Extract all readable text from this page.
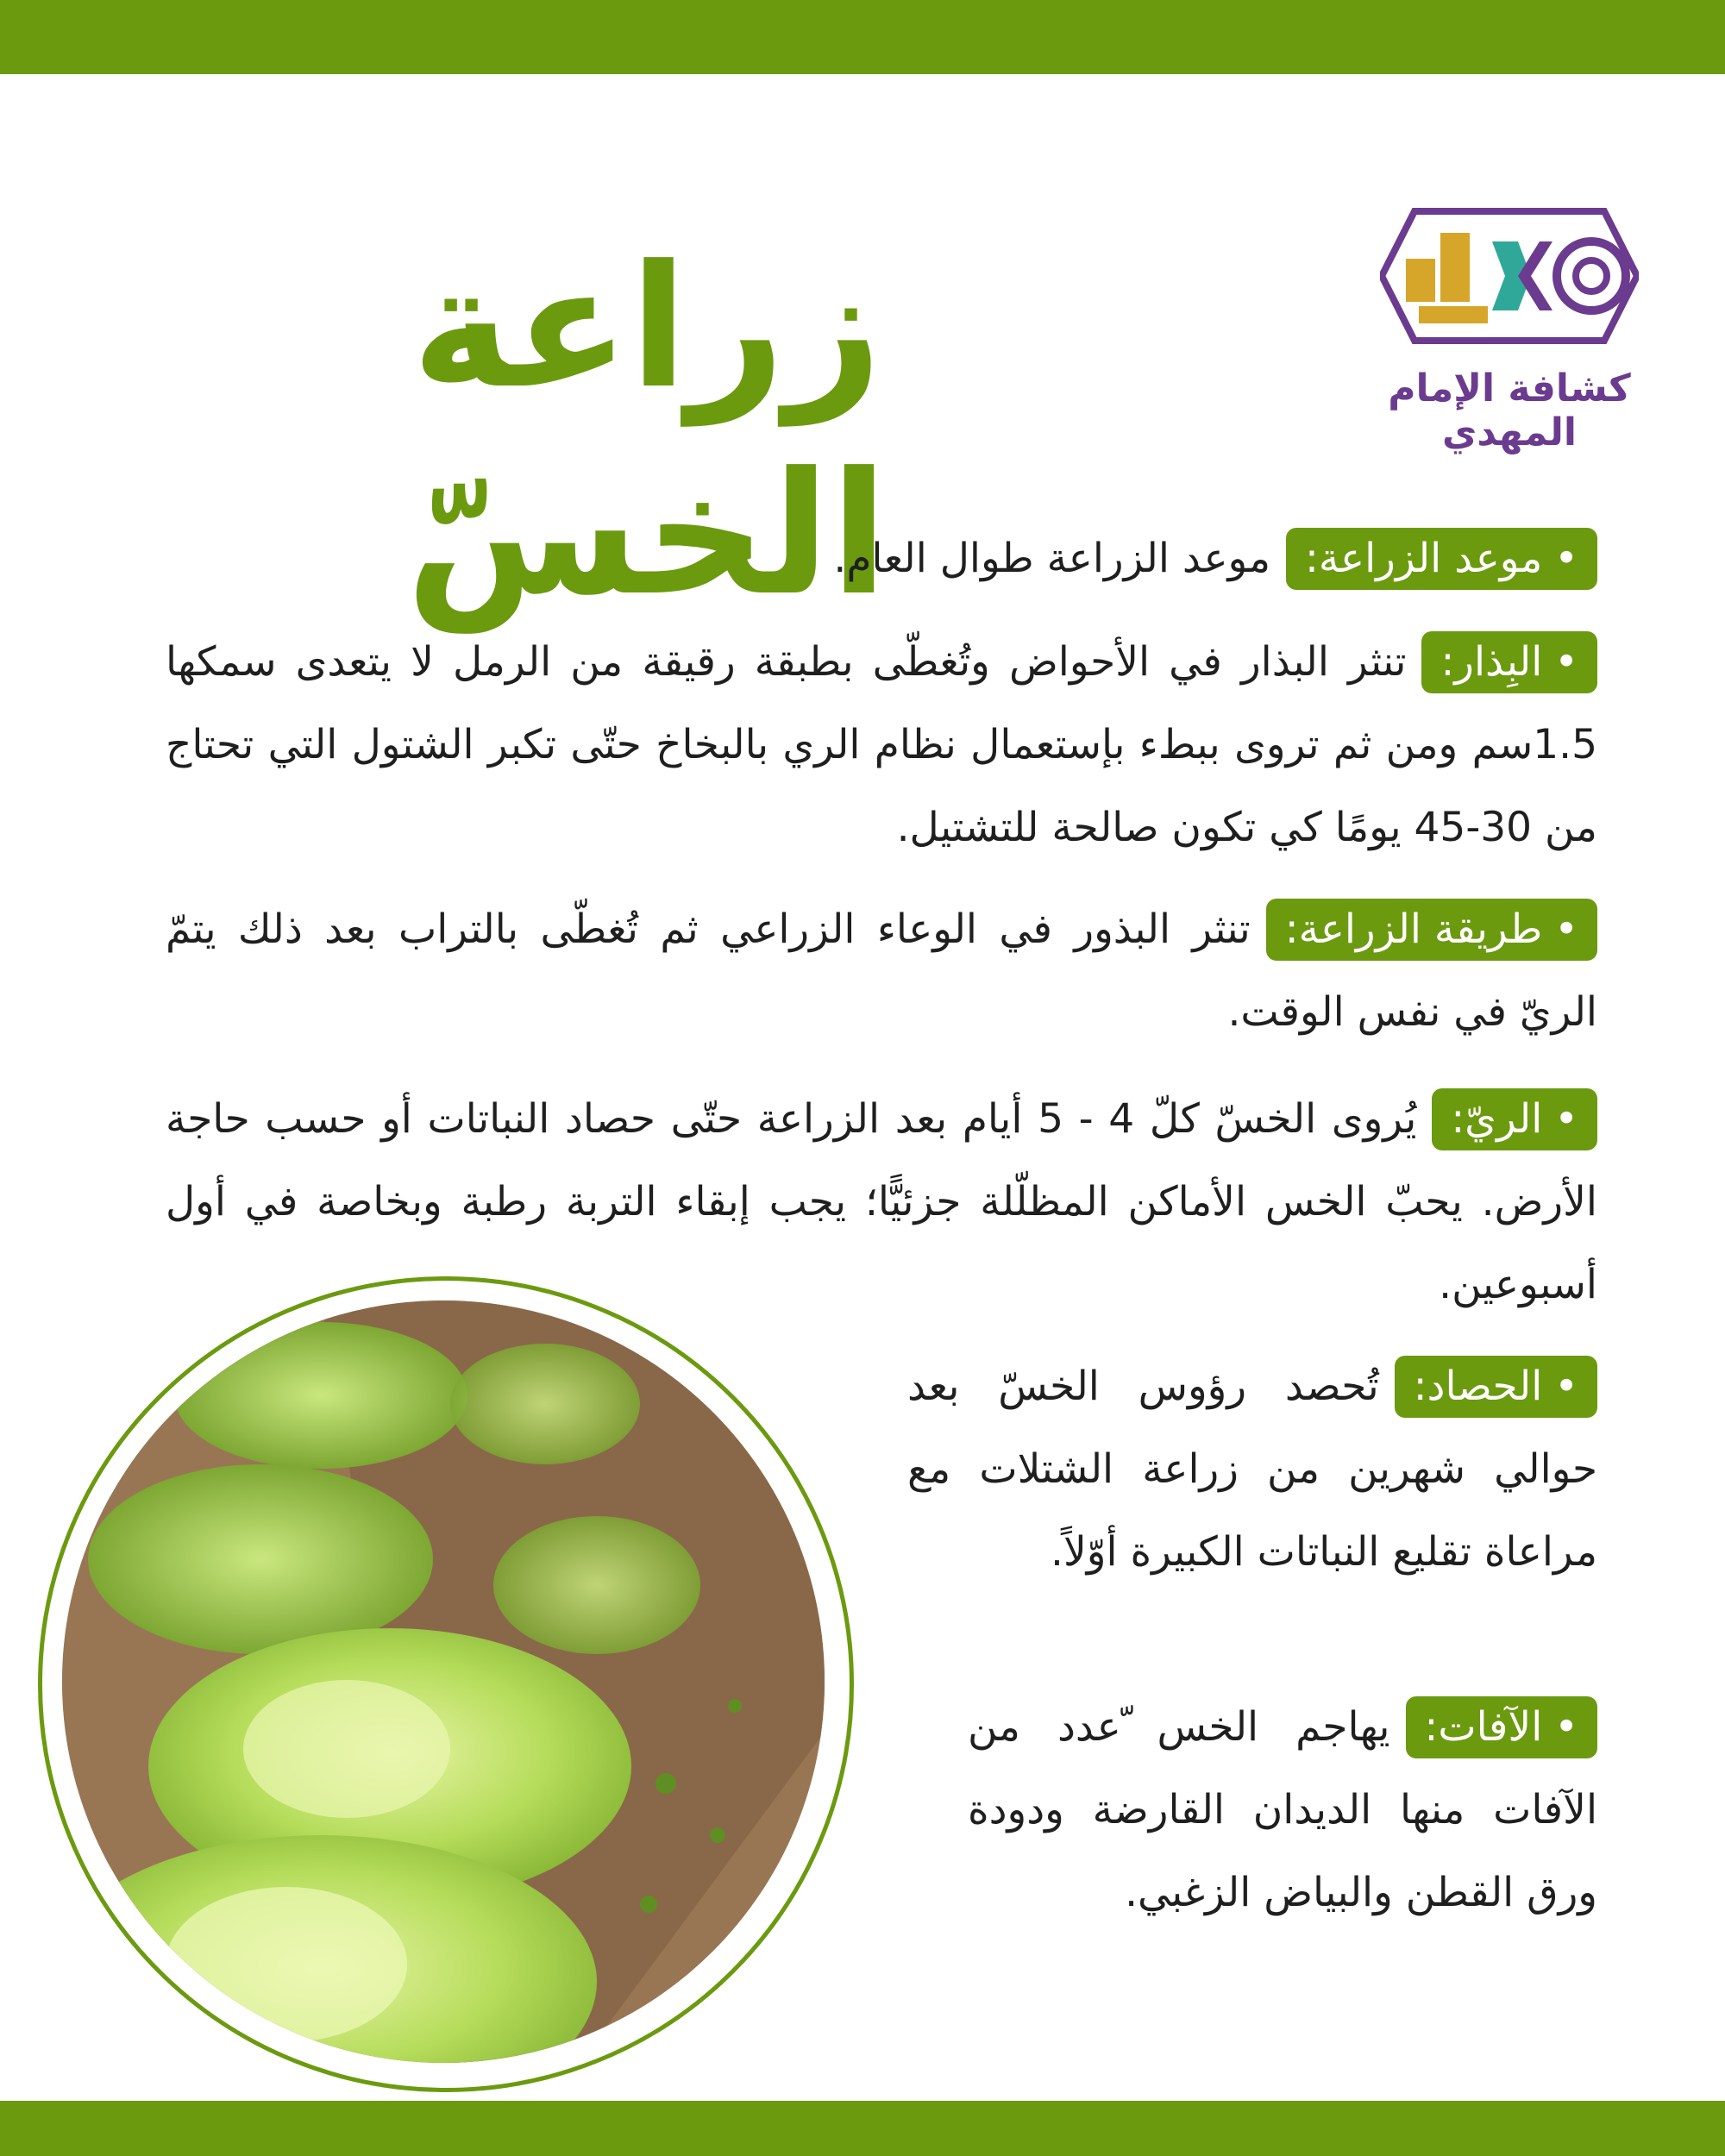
زراعة الخسّ
كشافة الإمام المهدي

•موعد الزراعة:موعد الزراعة طوال العام.

•البِذار:تنثر البذار في الأحواض وتُغطّى بطبقة رقيقة من الرمل لا يتعدى سمكها 1.5سم ومن ثم تروى ببطء بإستعمال نظام الري بالبخاخ حتّى تكبر الشتول التي تحتاج من 30-45 يومًا كي تكون صالحة للتشتيل.

•طريقة الزراعة:تنثر البذور في الوعاء الزراعي ثم تُغطّى بالتراب بعد ذلك يتمّ الريّ في نفس الوقت.

•الريّ:يُروى الخسّ كلّ 4 - 5 أيام بعد الزراعة حتّى حصاد النباتات أو حسب حاجة الأرض. يحبّ الخس الأماكن المظلّلة جزئيًّا؛ يجب إبقاء التربة رطبة وبخاصة في أول أسبوعين.

•الحصاد:تُحصد رؤوس الخسّ بعد حوالي شهرين من زراعة الشتلات مع مراعاة تقليع النباتات الكبيرة أوّلاً.

•الآفات:يهاجم الخس ّعدد من الآفات منها الديدان القارضة ودودة ورق القطن والبياض الزغبي.
